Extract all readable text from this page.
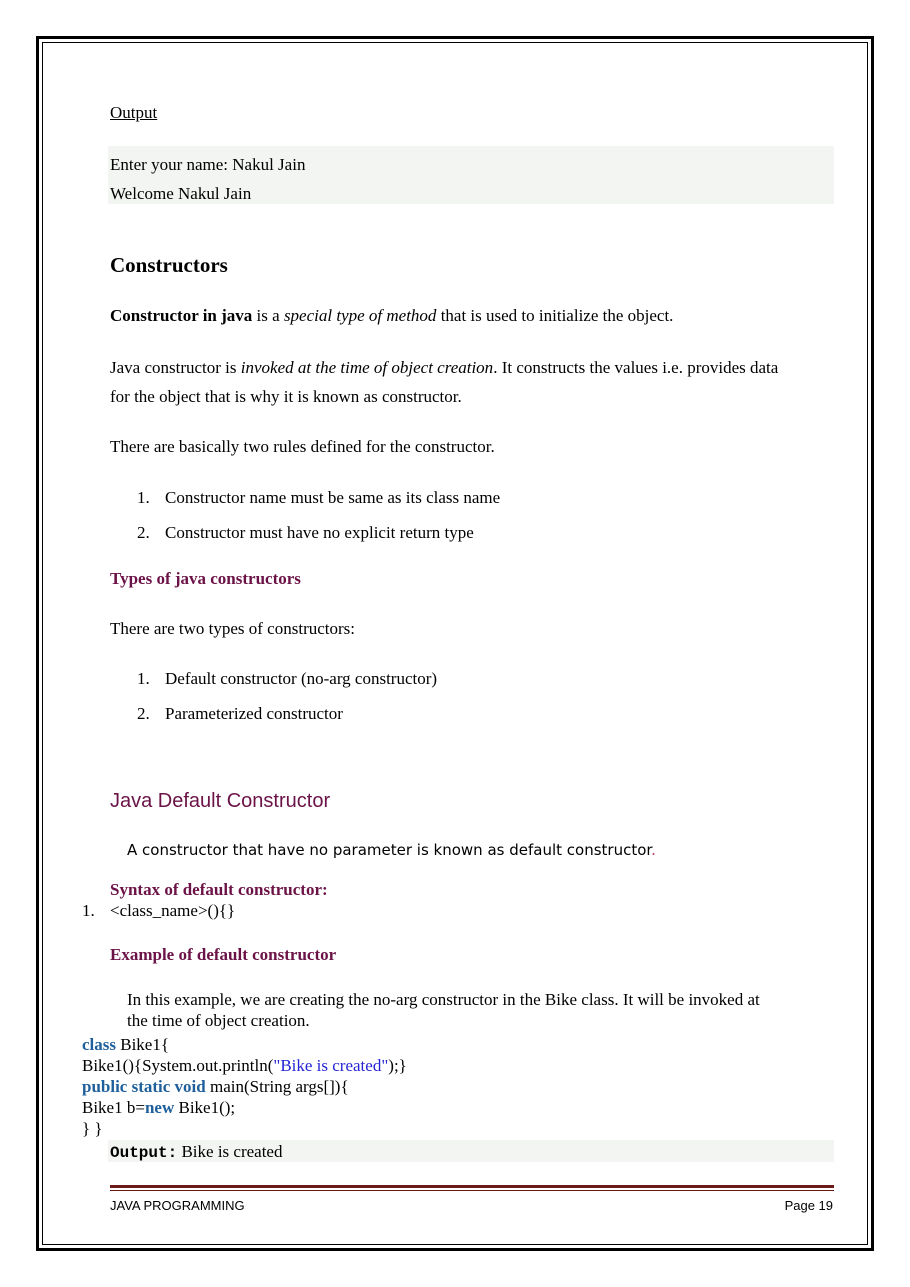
Output
Enter your name: Nakul Jain
Welcome Nakul Jain
Constructors
Constructor in java is a special type of method that is used to initialize the object.
Java constructor is invoked at the time of object creation. It constructs the values i.e. provides data
for the object that is why it is known as constructor.
There are basically two rules defined for the constructor.
1. Constructor name must be same as its class name
2. Constructor must have no explicit return type
Types of java constructors
There are two types of constructors:
1. Default constructor (no-arg constructor)
2. Parameterized constructor
Java Default Constructor
A constructor that have no parameter is known as default constructor.
Syntax of default constructor:
1. <class_name>(){}
Example of default constructor
In this example, we are creating the no-arg constructor in the Bike class. It will be invoked at
the time of object creation.
class Bike1{
Bike1(){System.out.println("Bike is created");}
public static void main(String args[]){
Bike1 b=new Bike1();
} }
Output: Bike is created
JAVA PROGRAMMING	Page 19
